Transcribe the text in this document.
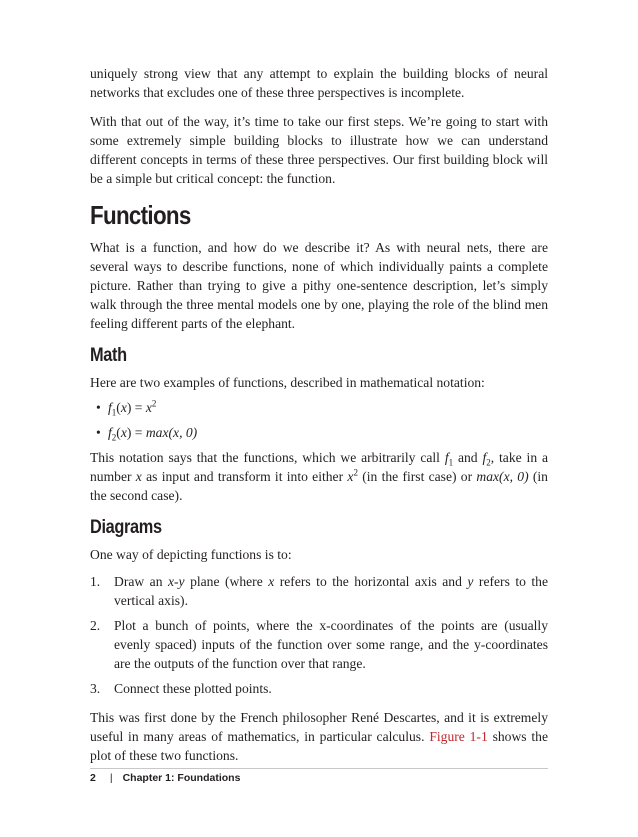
uniquely strong view that any attempt to explain the building blocks of neural networks that excludes one of these three perspectives is incomplete.

With that out of the way, it’s time to take our first steps. We’re going to start with some extremely simple building blocks to illustrate how we can understand different concepts in terms of these three perspectives. Our first building block will be a simple but critical concept: the function.

Functions

What is a function, and how do we describe it? As with neural nets, there are several ways to describe functions, none of which individually paints a complete picture. Rather than trying to give a pithy one-sentence description, let’s simply walk through the three mental models one by one, playing the role of the blind men feeling different parts of the elephant.

Math

Here are two examples of functions, described in mathematical notation:

• $f_1(x) = x^2$
• $f_2(x) = \max(x$, 0)

This notation says that the functions, which we arbitrarily call $f_1$ and $f_2$, take in a number x as input and transform it into either $x^2$ (in the first case) or max(x, 0) (in the second case).

Diagrams

One way of depicting functions is to:

1. Draw an x-y plane (where x refers to the horizontal axis and y refers to the vertical axis).
2. Plot a bunch of points, where the x-coordinates of the points are (usually evenly spaced) inputs of the function over some range, and the y-coordinates are the outputs of the function over that range.
3. Connect these plotted points.

This was first done by the French philosopher René Descartes, and it is extremely useful in many areas of mathematics, in particular calculus. Figure 1-1 shows the plot of these two functions.

2 | Chapter 1: Foundations
